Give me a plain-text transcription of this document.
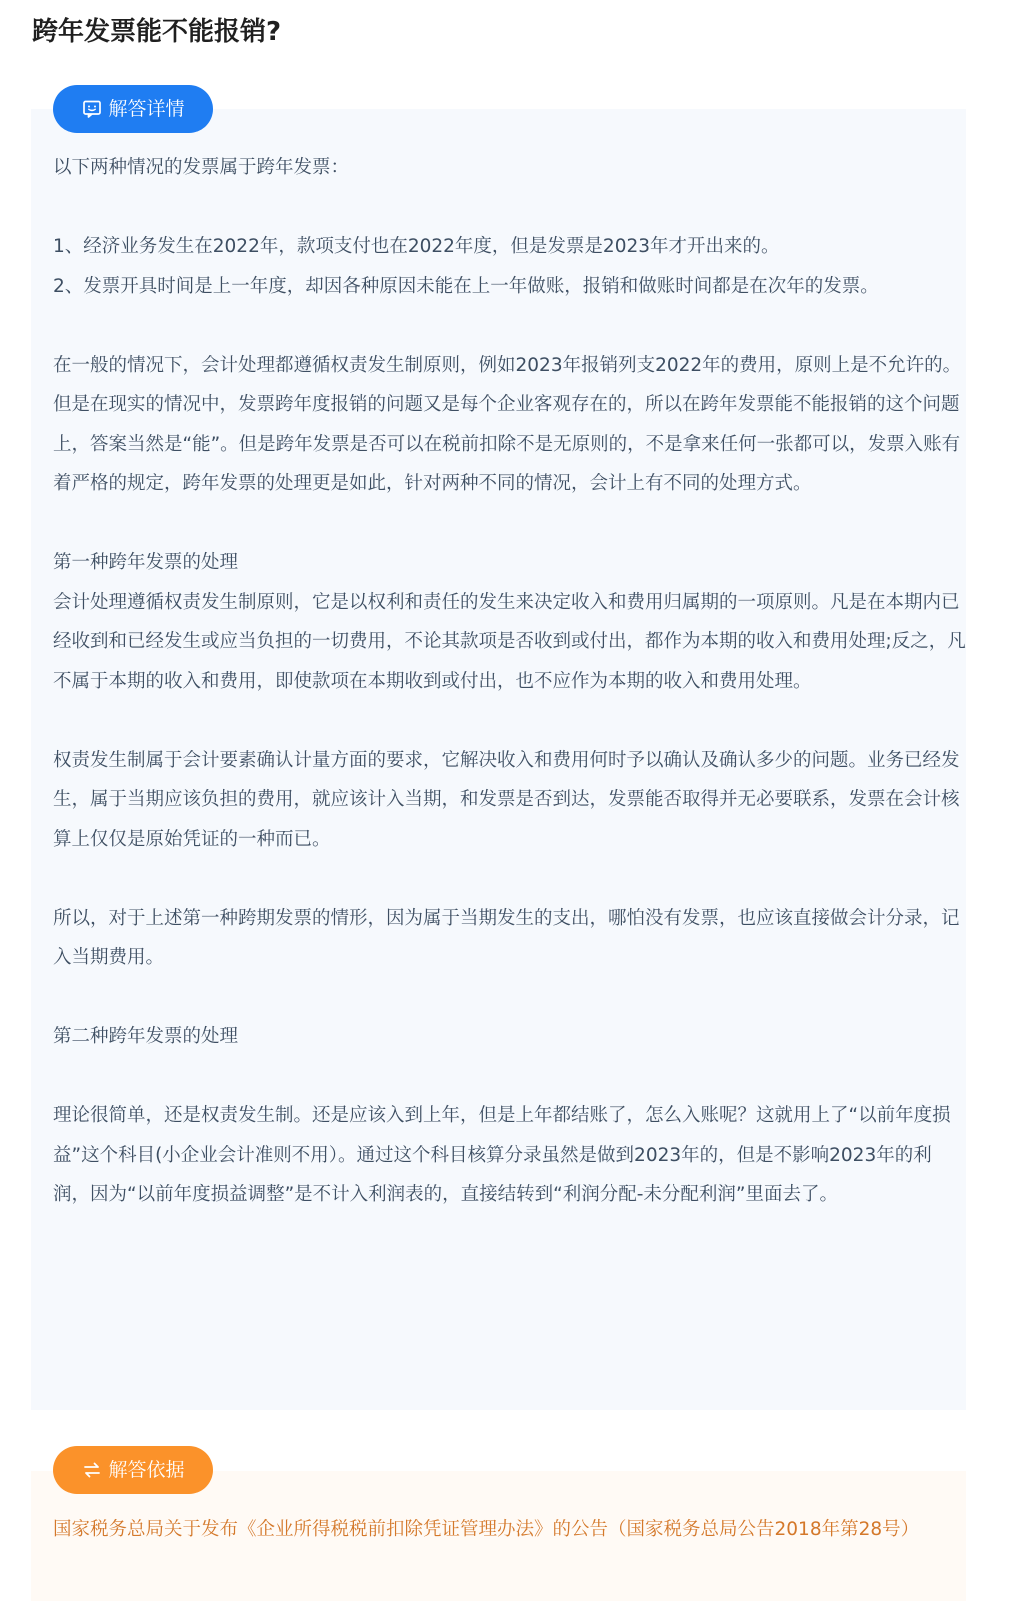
跨年发票能不能报销?
解答详情

以下两种情况的发票属于跨年发票：

1、经济业务发生在2022年，款项支付也在2022年度，但是发票是2023年才开出来的。

2、发票开具时间是上一年度，却因各种原因未能在上一年做账，报销和做账时间都是在次年的发票。

在一般的情况下，会计处理都遵循权责发生制原则，例如2023年报销列支2022年的费用，原则上是不允许的。但是在现实的情况中，发票跨年度报销的问题又是每个企业客观存在的，所以在跨年发票能不能报销的这个问题上，答案当然是“能”。但是跨年发票是否可以在税前扣除不是无原则的，不是拿来任何一张都可以，发票入账有着严格的规定，跨年发票的处理更是如此，针对两种不同的情况，会计上有不同的处理方式。

第一种跨年发票的处理

会计处理遵循权责发生制原则，它是以权利和责任的发生来决定收入和费用归属期的一项原则。凡是在本期内已经收到和已经发生或应当负担的一切费用，不论其款项是否收到或付出，都作为本期的收入和费用处理;反之，凡不属于本期的收入和费用，即使款项在本期收到或付出，也不应作为本期的收入和费用处理。

权责发生制属于会计要素确认计量方面的要求，它解决收入和费用何时予以确认及确认多少的问题。业务已经发生，属于当期应该负担的费用，就应该计入当期，和发票是否到达，发票能否取得并无必要联系，发票在会计核算上仅仅是原始凭证的一种而已。

所以，对于上述第一种跨期发票的情形，因为属于当期发生的支出，哪怕没有发票，也应该直接做会计分录，记入当期费用。

第二种跨年发票的处理

理论很简单，还是权责发生制。还是应该入到上年，但是上年都结账了，怎么入账呢？这就用上了“以前年度损益”这个科目(小企业会计准则不用）。通过这个科目核算分录虽然是做到2023年的，但是不影响2023年的利润，因为“以前年度损益调整”是不计入利润表的，直接结转到“利润分配-未分配利润”里面去了。

解答依据

国家税务总局关于发布《企业所得税税前扣除凭证管理办法》的公告（国家税务总局公告2018年第28号）
